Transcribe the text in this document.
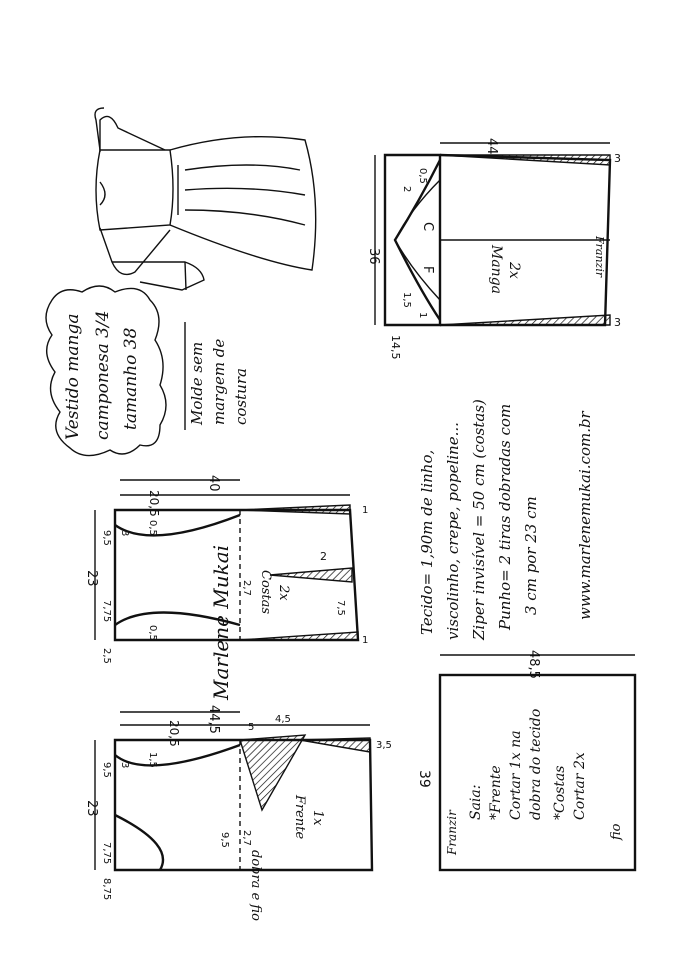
Vestido manga camponesa 3/4 tamanho 38	Molde sem margem de costura
36
44
14,5
0,5
2
1,5
1
3
3
C
F	Manga 2x	Franzir
Tecido= 1,90m de linho, viscolinho, crepe, popeline... Ziper invisível = 50 cm (costas) Punho= 2 tiras dobradas com 3 cm por 23 cm www.marlenemukai.com.br
Marlene Mukai
40
20,5
23
9,5 3
7,75
0,5
0,5
2,5
2,7
2
7,5
1
1
Costas 2x
44,5
20,5
23
9,5 3 1,5
5
4,5
7,75
8,75
9,5 2,7
3,5
Frente 1x
dobra e fio
48,5
39
Franzir	fio
Saia: *Frente Cortar 1x na dobra do tecido *Costas Cortar 2x
